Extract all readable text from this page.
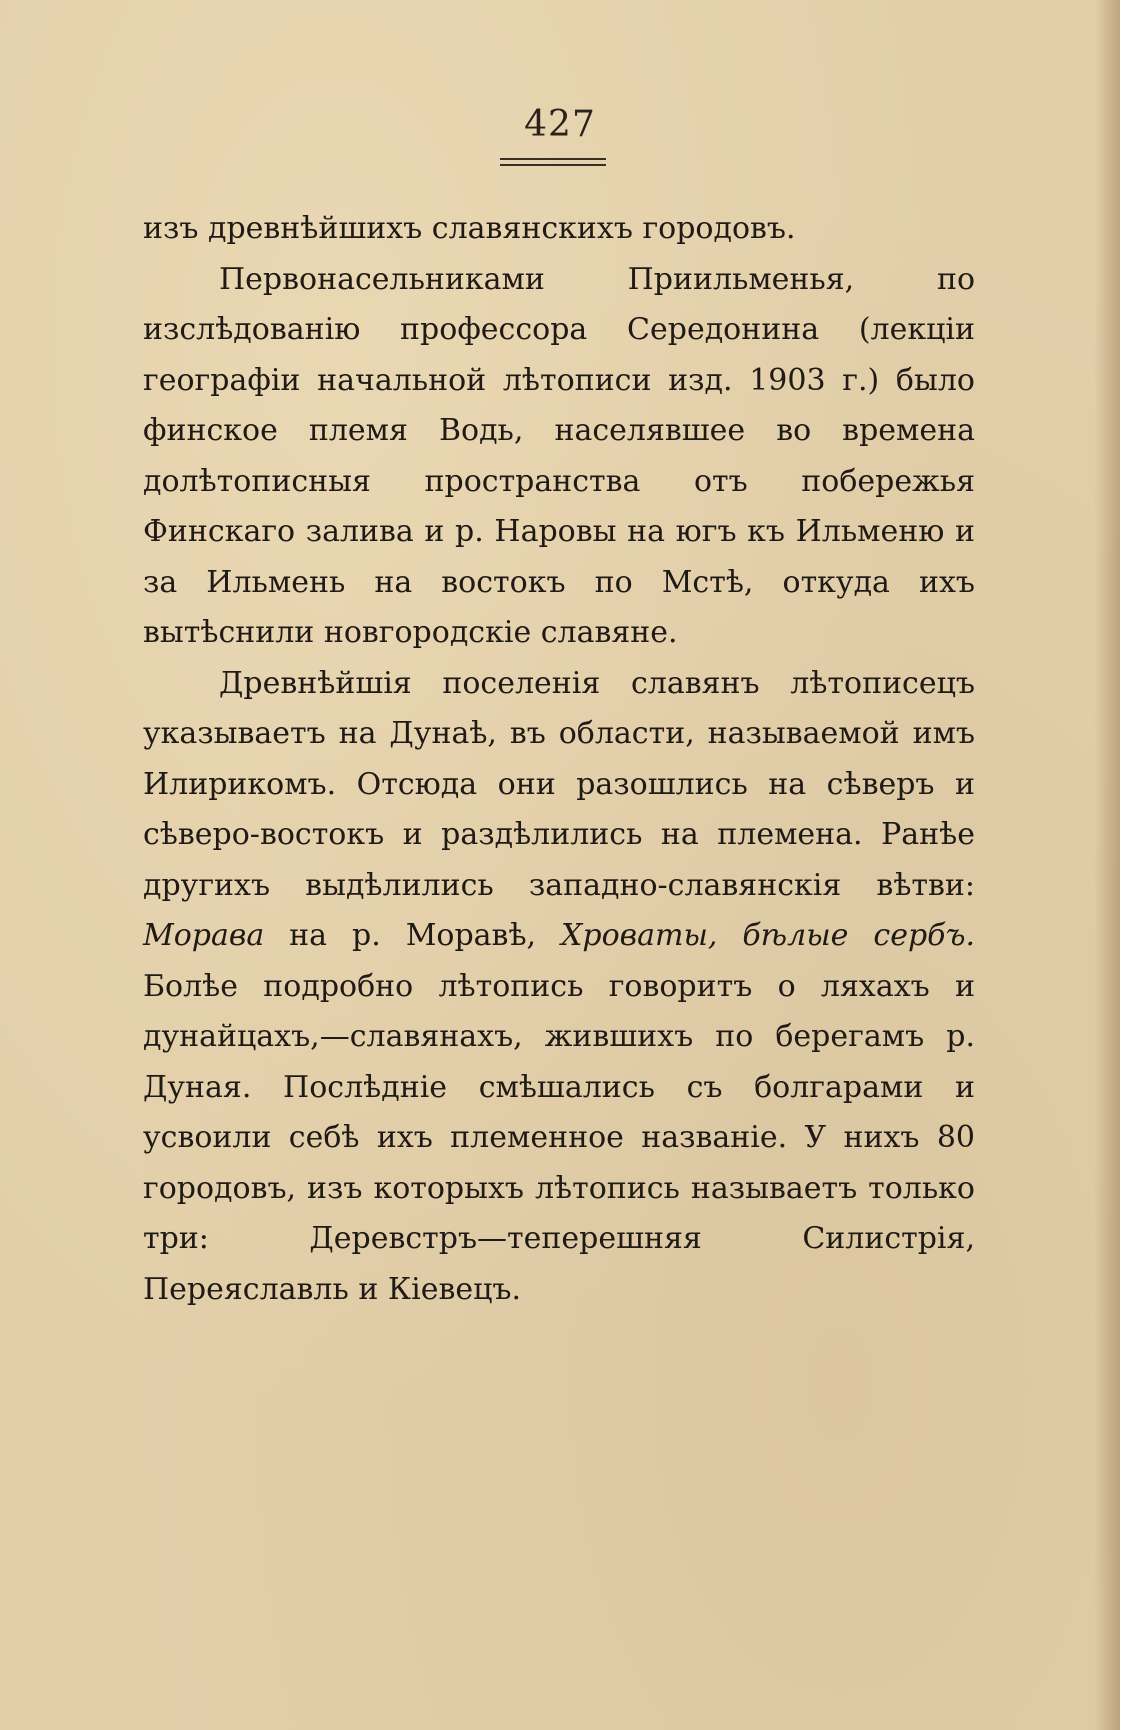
427

изъ древнѣйшихъ славянскихъ городовъ.

Первонасельниками Приильменья, по изслѣдованію профессора Середонина (лекціи географіи начальной лѣтописи изд. 1903 г.) было финское племя Водь, населявшее во времена долѣтописныя пространства отъ побережья Финскаго залива и р. Наровы на югъ къ Ильменю и за Ильмень на востокъ по Мстѣ, откуда ихъ вытѣснили новгородскіе славяне.

Древнѣйшія поселенія славянъ лѣтописецъ указываетъ на Дунаѣ, въ области, называемой имъ Илирикомъ. Отсюда они разошлись на сѣверъ и сѣверо-востокъ и раздѣлились на племена. Ранѣе другихъ выдѣлились западно-славянскія вѣтви: Морава на р. Моравѣ, Хроваты, бѣлые сербъ. Болѣе подробно лѣтопись говоритъ о ляхахъ и дунайцахъ,—славянахъ, жившихъ по берегамъ р. Дуная. Послѣдніе смѣшались съ болгарами и усвоили себѣ ихъ племенное названіе. У нихъ 80 городовъ, изъ которыхъ лѣтопись называетъ только три: Деревстръ—теперешняя Силистрія, Переяславль и Кіевецъ.
